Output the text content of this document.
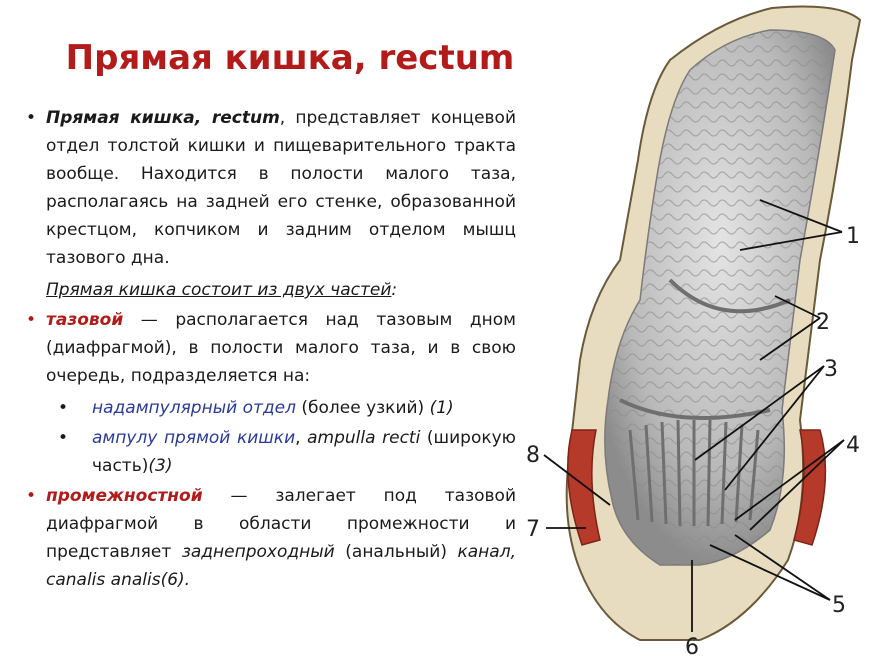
Прямая кишка, rectum

• Прямая кишка, rectum, представляет концевой отдел толстой кишки и пищеварительного тракта вообще. Находится в полости малого таза, располагаясь на задней его стенке, образованной крестцом, копчиком и задним отделом мышц тазового дна.

Прямая кишка состоит из двух частей:

• тазовой — располагается над тазовым дном (диафрагмой), в полости малого таза, и в свою очередь, подразделяется на:

• надампулярный отдел (более узкий) (1)

• ампулу прямой кишки, ampulla recti (широкую часть)(3)

• промежностной — залегает под тазовой диафрагмой в области промежности и представляет заднепроходный (анальный) канал, canalis analis(6).

1
2
3
4
5
6
7
8
